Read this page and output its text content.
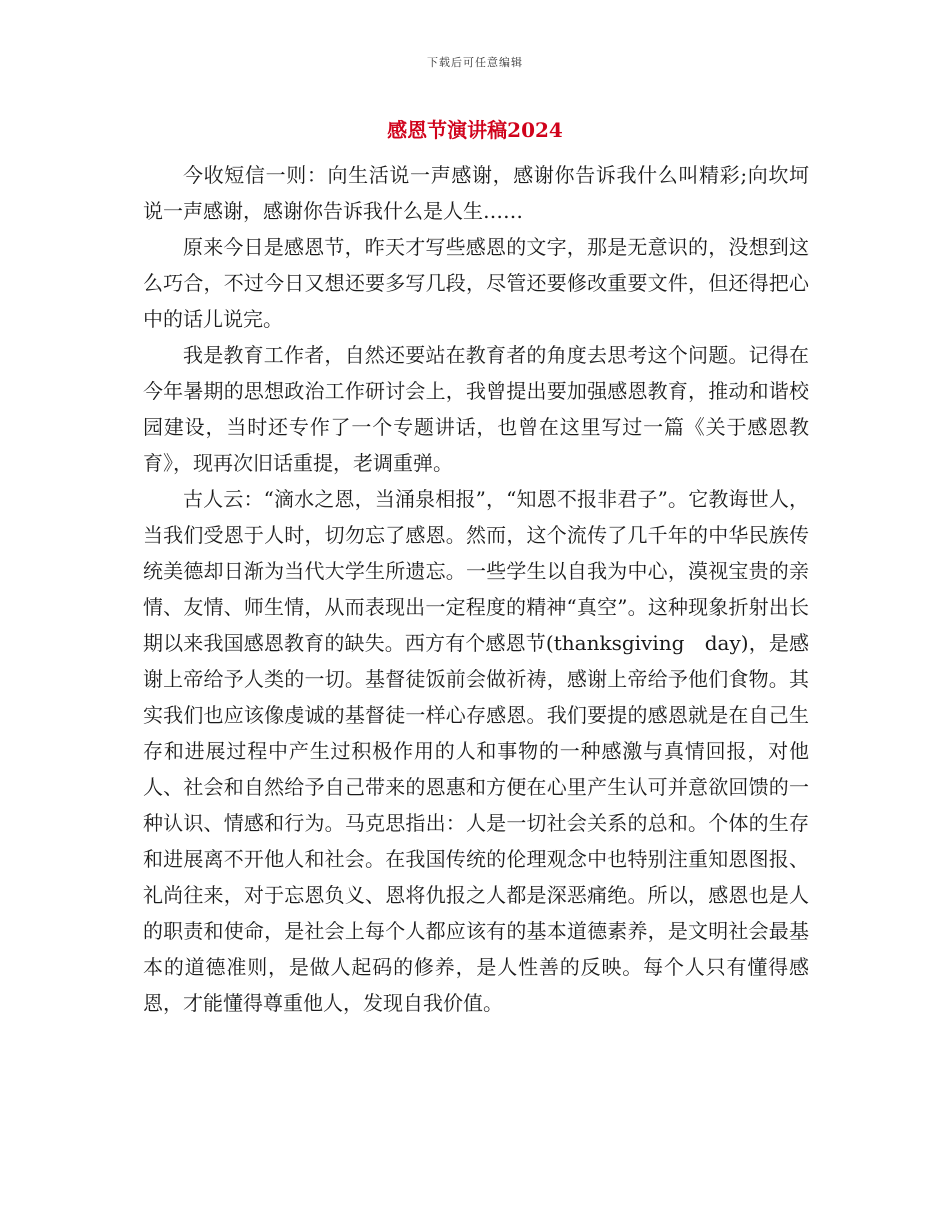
下载后可任意编辑
感恩节演讲稿2024

今收短信一则：向生活说一声感谢，感谢你告诉我什么叫精彩;向坎坷说一声感谢，感谢你告诉我什么是人生……

原来今日是感恩节，昨天才写些感恩的文字，那是无意识的，没想到这么巧合，不过今日又想还要多写几段，尽管还要修改重要文件，但还得把心中的话儿说完。

我是教育工作者，自然还要站在教育者的角度去思考这个问题。记得在今年暑期的思想政治工作研讨会上，我曾提出要加强感恩教育，推动和谐校园建设，当时还专作了一个专题讲话，也曾在这里写过一篇《关于感恩教育》，现再次旧话重提，老调重弹。

古人云：“滴水之恩，当涌泉相报”，“知恩不报非君子”。它教诲世人，当我们受恩于人时，切勿忘了感恩。然而，这个流传了几千年的中华民族传统美德却日渐为当代大学生所遗忘。一些学生以自我为中心，漠视宝贵的亲情、友情、师生情，从而表现出一定程度的精神“真空”。这种现象折射出长期以来我国感恩教育的缺失。西方有个感恩节(thanksgiving　day)，是感谢上帝给予人类的一切。基督徒饭前会做祈祷，感谢上帝给予他们食物。其实我们也应该像虔诚的基督徒一样心存感恩。我们要提的感恩就是在自己生存和进展过程中产生过积极作用的人和事物的一种感激与真情回报，对他人、社会和自然给予自己带来的恩惠和方便在心里产生认可并意欲回馈的一种认识、情感和行为。马克思指出：人是一切社会关系的总和。个体的生存和进展离不开他人和社会。在我国传统的伦理观念中也特别注重知恩图报、礼尚往来，对于忘恩负义、恩将仇报之人都是深恶痛绝。所以，感恩也是人的职责和使命，是社会上每个人都应该有的基本道德素养，是文明社会最基本的道德准则，是做人起码的修养，是人性善的反映。每个人只有懂得感恩，才能懂得尊重他人，发现自我价值。
